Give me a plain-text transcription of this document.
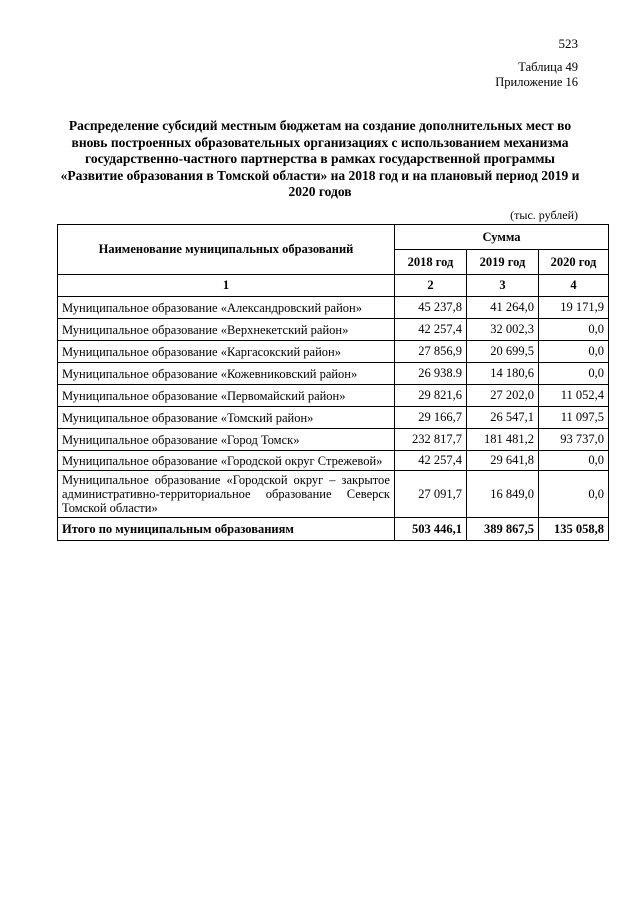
523
Таблица 49
Приложение 16
Распределение субсидий местным бюджетам на создание дополнительных мест во вновь построенных образовательных организациях с использованием механизма государственно-частного партнерства в рамках государственной программы «Развитие образования в Томской области» на 2018 год и на плановый период 2019 и 2020 годов
(тыс. рублей)
Наименование муниципальных образований	Сумма		
	2018 год	2019 год	2020 год
1	2	3	4
Муниципальное образование «Александровский район»	45 237,8	41 264,0	19 171,9
Муниципальное образование «Верхнекетский район»	42 257,4	32 002,3	0,0
Муниципальное образование «Каргасокский район»	27 856,9	20 699,5	0,0
Муниципальное образование «Кожевниковский район»	26 938.9	14 180,6	0,0
Муниципальное образование «Первомайский район»	29 821,6	27 202,0	11 052,4
Муниципальное образование «Томский район»	29 166,7	26 547,1	11 097,5
Муниципальное образование «Город Томск»	232 817,7	181 481,2	93 737,0
Муниципальное образование «Городской округ Стрежевой»	42 257,4	29 641,8	0,0
Муниципальное образование «Городской округ – закрытое административно-территориальное образование Северск Томской области»	27 091,7	16 849,0	0,0
Итого по муниципальным образованиям	503 446,1	389 867,5	135 058,8
